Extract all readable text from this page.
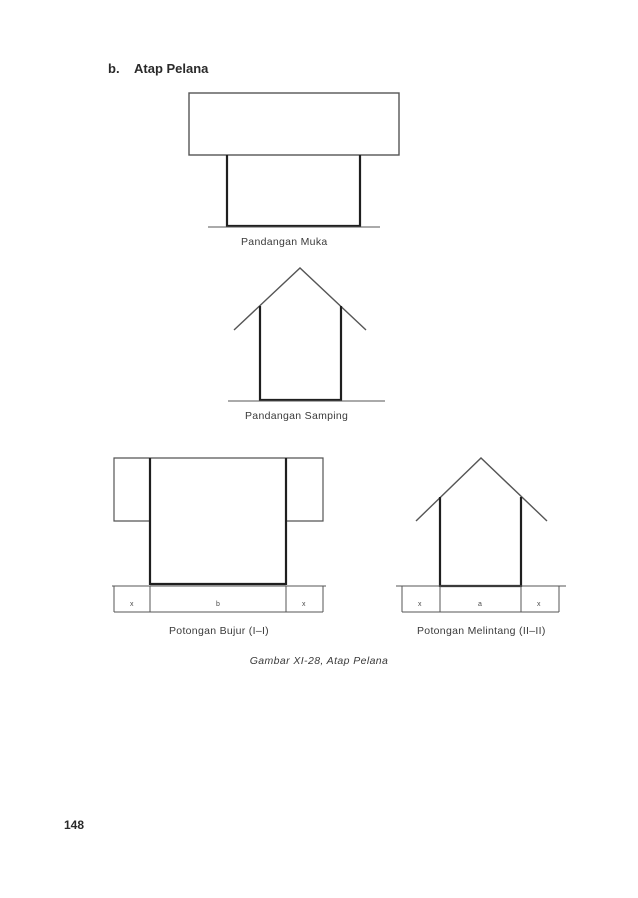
b. Atap Pelana
x	b	x	x	a	x
Pandangan Muka
Pandangan Samping
Potongan Bujur (I–I)	Potongan Melintang (II–II)
Gambar XI-28, Atap Pelana
148
